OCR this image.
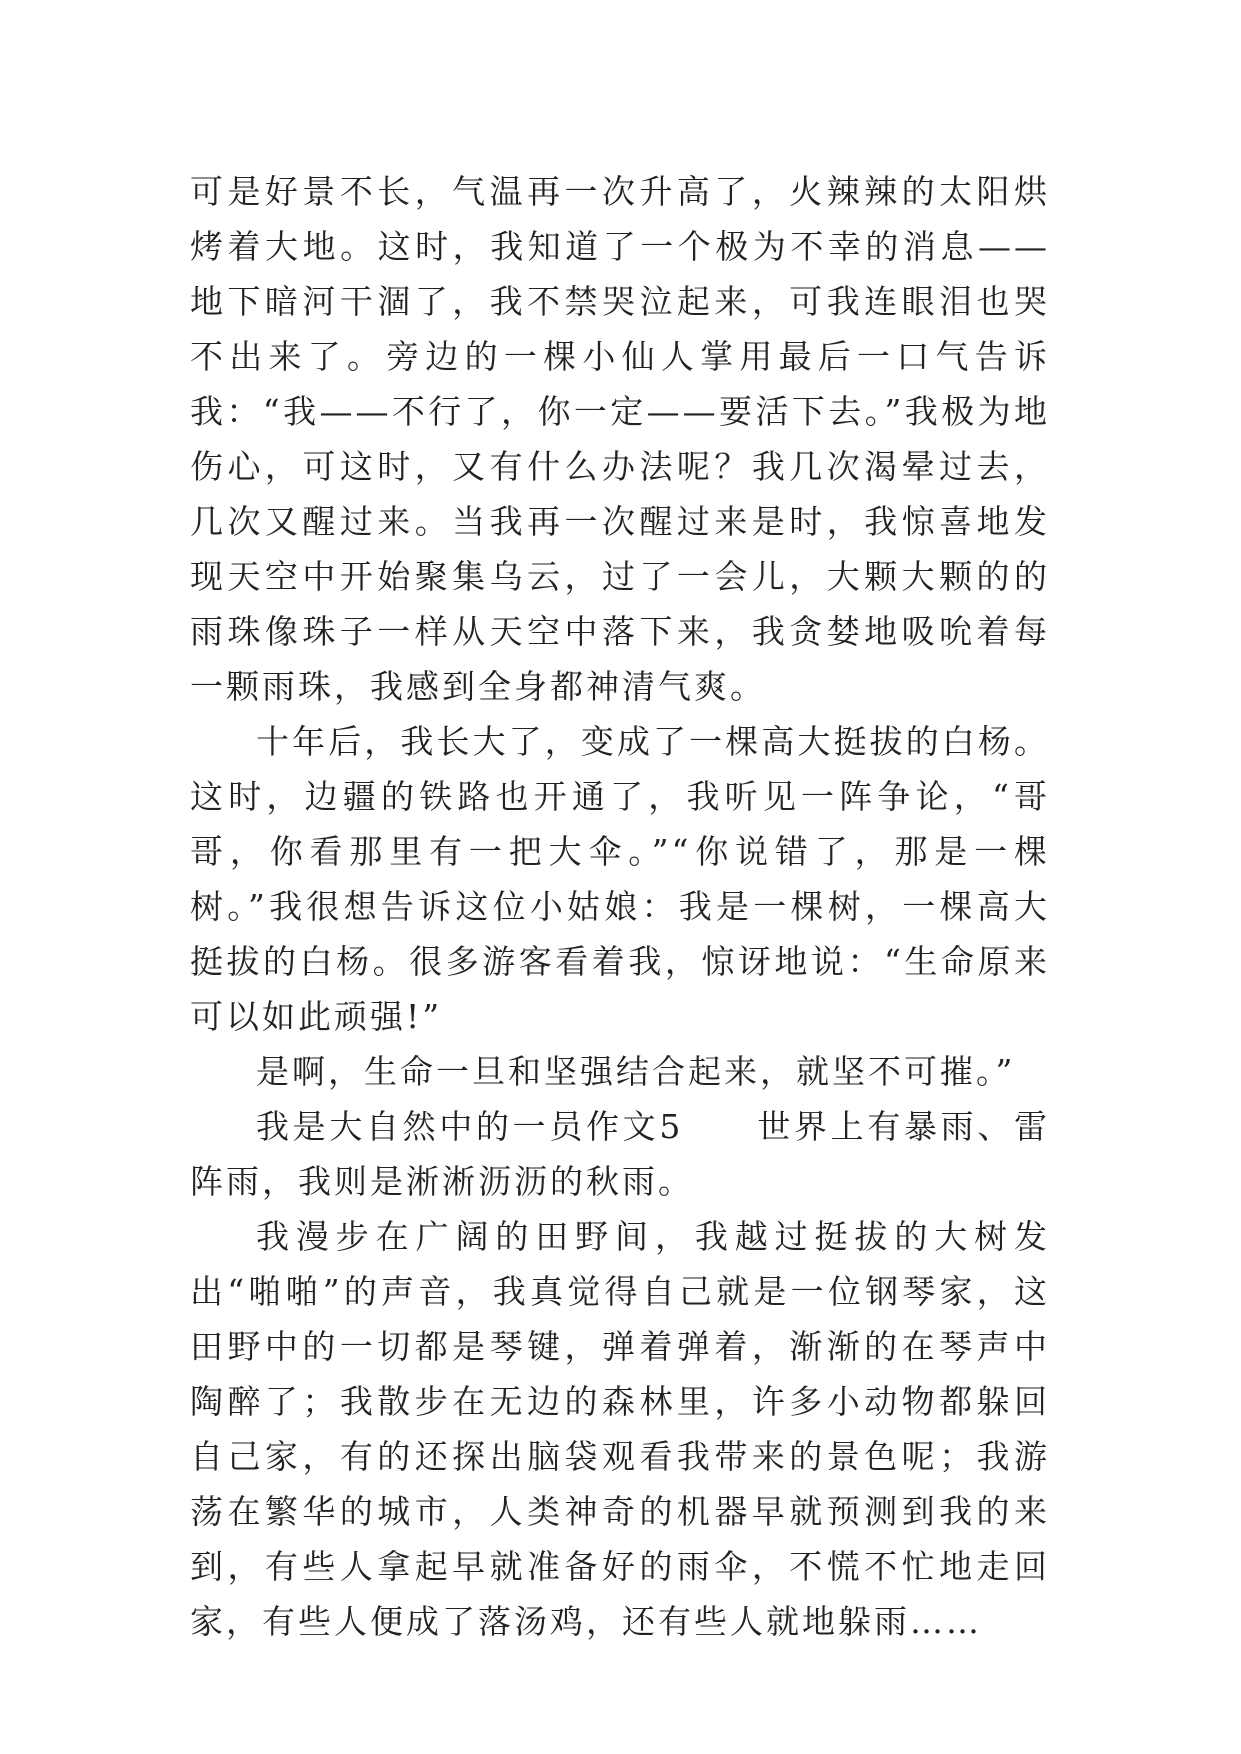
可是好景不长，气温再一次升高了，火辣辣的太阳烘烤着大地。这时，我知道了一个极为不幸的消息——地下暗河干涸了，我不禁哭泣起来，可我连眼泪也哭不出来了。旁边的一棵小仙人掌用最后一口气告诉我：“我——不行了，你一定——要活下去。”我极为地伤心，可这时，又有什么办法呢？我几次渴晕过去，几次又醒过来。当我再一次醒过来是时，我惊喜地发现天空中开始聚集乌云，过了一会儿，大颗大颗的的雨珠像珠子一样从天空中落下来，我贪婪地吸吮着每一颗雨珠，我感到全身都神清气爽。

十年后，我长大了，变成了一棵高大挺拔的白杨。这时，边疆的铁路也开通了，我听见一阵争论，“哥哥，你看那里有一把大伞。”“你说错了，那是一棵树。”我很想告诉这位小姑娘：我是一棵树，一棵高大挺拔的白杨。很多游客看着我，惊讶地说：“生命原来可以如此顽强!”

是啊，生命一旦和坚强结合起来，就坚不可摧。”

我是大自然中的一员作文5　　世界上有暴雨、雷阵雨，我则是淅淅沥沥的秋雨。

我漫步在广阔的田野间，我越过挺拔的大树发出“啪啪”的声音，我真觉得自己就是一位钢琴家，这田野中的一切都是琴键，弹着弹着，渐渐的在琴声中陶醉了；我散步在无边的森林里，许多小动物都躲回自己家，有的还探出脑袋观看我带来的景色呢；我游荡在繁华的城市，人类神奇的机器早就预测到我的来到，有些人拿起早就准备好的雨伞，不慌不忙地走回家，有些人便成了落汤鸡，还有些人就地躲雨……
